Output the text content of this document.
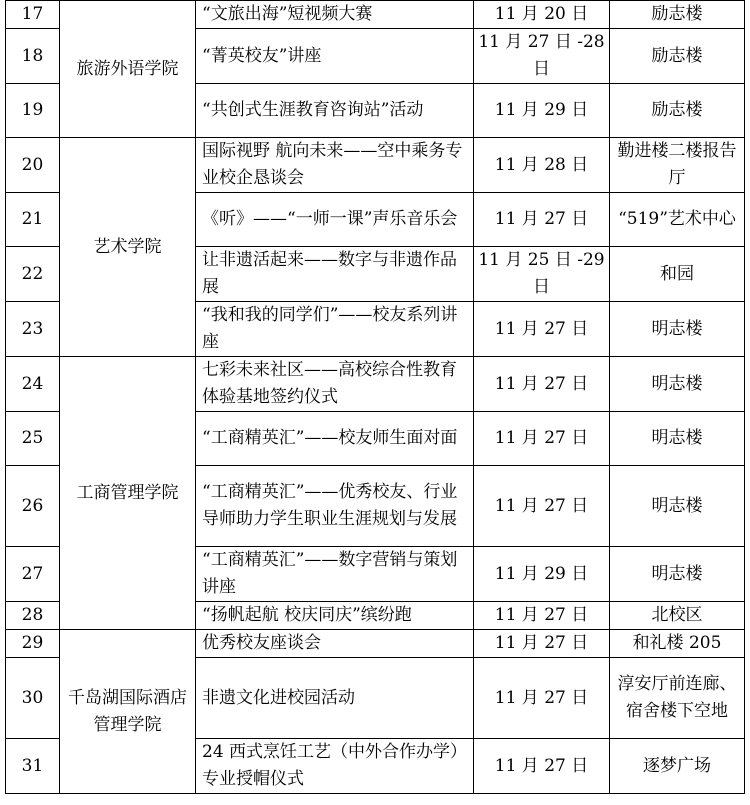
17	旅游外语学院	“文旅出海”短视频大赛	11 月 20 日	励志楼
18		“菁英校友”讲座	11 月 27 日 -28 日	励志楼
19		“共创式生涯教育咨询站”活动	11 月 29 日	励志楼
20	艺术学院	国际视野 航向未来——空中乘务专业校企恳谈会	11 月 28 日	勤进楼二楼报告厅
21		《听》——“一师一课”声乐音乐会	11 月 27 日	“519”艺术中心
22		让非遗活起来——数字与非遗作品展	11 月 25 日 -29 日	和园
23		“我和我的同学们”——校友系列讲座	11 月 27 日	明志楼
24	工商管理学院	七彩未来社区——高校综合性教育体验基地签约仪式	11 月 27 日	明志楼
25		“工商精英汇”——校友师生面对面	11 月 27 日	明志楼
26		“工商精英汇”——优秀校友、行业导师助力学生职业生涯规划与发展	11 月 27 日	明志楼
27		“工商精英汇”——数字营销与策划讲座	11 月 29 日	明志楼
28		“扬帆起航 校庆同庆”缤纷跑	11 月 27 日	北校区
29	千岛湖国际酒店管理学院	优秀校友座谈会	11 月 27 日	和礼楼 205
30		非遗文化进校园活动	11 月 27 日	淳安厅前连廊、宿舍楼下空地
31		24 西式烹饪工艺（中外合作办学）专业授帽仪式	11 月 27 日	逐梦广场
